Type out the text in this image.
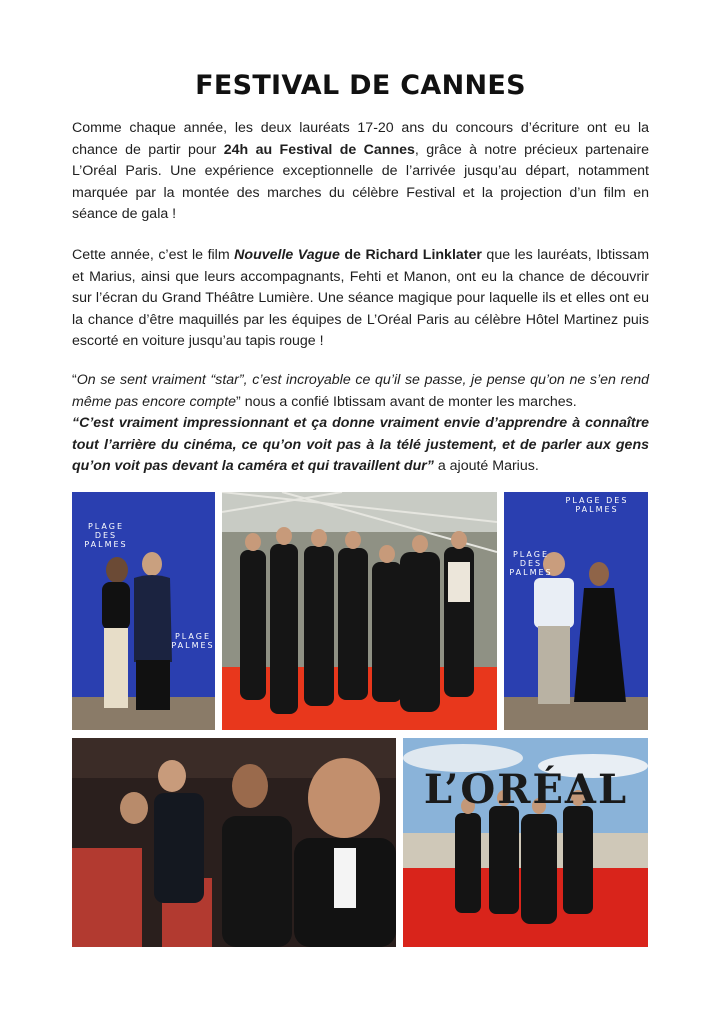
FESTIVAL DE CANNES

Comme chaque année, les deux lauréats 17-20 ans du concours d’écriture ont eu la chance de partir pour 24h au Festival de Cannes, grâce à notre précieux partenaire L’Oréal Paris. Une expérience exceptionnelle de l’arrivée jusqu’au départ, notamment marquée par la montée des marches du célèbre Festival et la projection d’un film en séance de gala !

Cette année, c’est le film Nouvelle Vague de Richard Linklater que les lauréats, Ibtissam et Marius, ainsi que leurs accompagnants, Fehti et Manon, ont eu la chance de découvrir sur l’écran du Grand Théâtre Lumière. Une séance magique pour laquelle ils et elles ont eu la chance d’être maquillés par les équipes de L’Oréal Paris au célèbre Hôtel Martinez puis escorté en voiture jusqu’au tapis rouge !

“On se sent vraiment “star”, c’est incroyable ce qu’il se passe, je pense qu’on ne s’en rend même pas encore compte” nous a confié Ibtissam avant de monter les marches.
“C’est vraiment impressionnant et ça donne vraiment envie d’apprendre à connaître tout l’arrière du cinéma, ce qu’on voit pas à la télé justement, et de parler aux gens qu’on voit pas devant la caméra et qui travaillent dur” a ajouté Marius.

PLAGE DES PALMES
PLAGE PALMES
PLAGE DES PALMES
PLAGE DES PALMES
L’ORÉAL
